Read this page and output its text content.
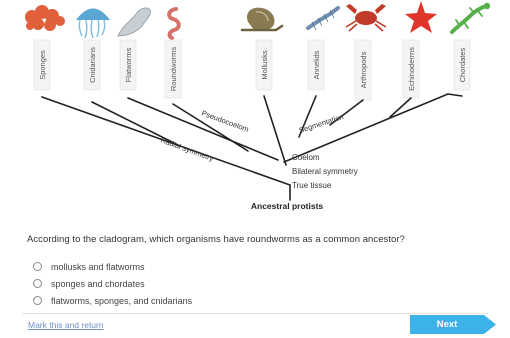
Sponges	Cnidarians	Flatworms	Roundworms	Mollusks	Annelids	Arthropods	Echinoderms	Chordates
Radial symmetry
Pseudocoelom	Segmentation
Coelom
Bilateral symmetry
True tissue
Ancestral protists
According to the cladogram, which organisms have roundworms as a common ancestor?
mollusks and flatworms
sponges and chordates
flatworms, sponges, and cnidarians
Mark this and return	Next
